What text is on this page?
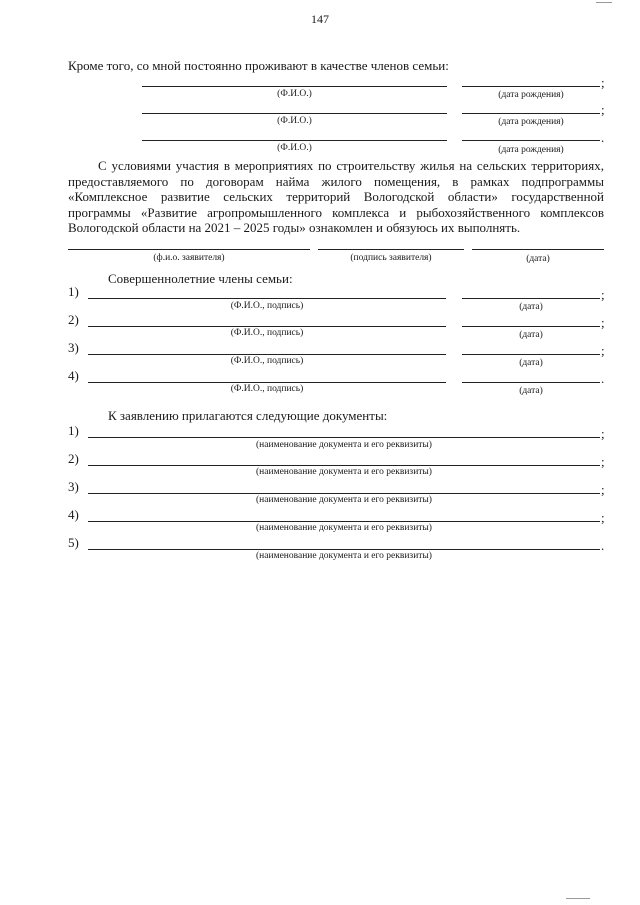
147
Кроме того, со мной постоянно проживают в качестве членов семьи:
;
(Ф.И.О.)	(дата рождения)
;
(Ф.И.О.)	(дата рождения)
.
(Ф.И.О.)	(дата рождения)
С условиями участия в мероприятиях по строительству жилья на сельских территориях, предоставляемого по договорам найма жилого помещения, в рамках подпрограммы «Комплексное развитие сельских территорий Вологодской области» государственной программы «Развитие агропромышленного комплекса и рыбохозяйственного комплексов Вологодской области на 2021 – 2025 годы» ознакомлен и обязуюсь их выполнять.
(ф.и.о. заявителя)	(подпись заявителя)	(дата)
Совершеннолетние члены семьи:
1)	;
(Ф.И.О., подпись)	(дата)
2)	;
(Ф.И.О., подпись)	(дата)
3)	;
(Ф.И.О., подпись)	(дата)
4)	.
(Ф.И.О., подпись)	(дата)
К заявлению прилагаются следующие документы:
1)	;
(наименование документа и его реквизиты)
2)	;
(наименование документа и его реквизиты)
3)	;
(наименование документа и его реквизиты)
4)	;
(наименование документа и его реквизиты)
5)	.
(наименование документа и его реквизиты)
